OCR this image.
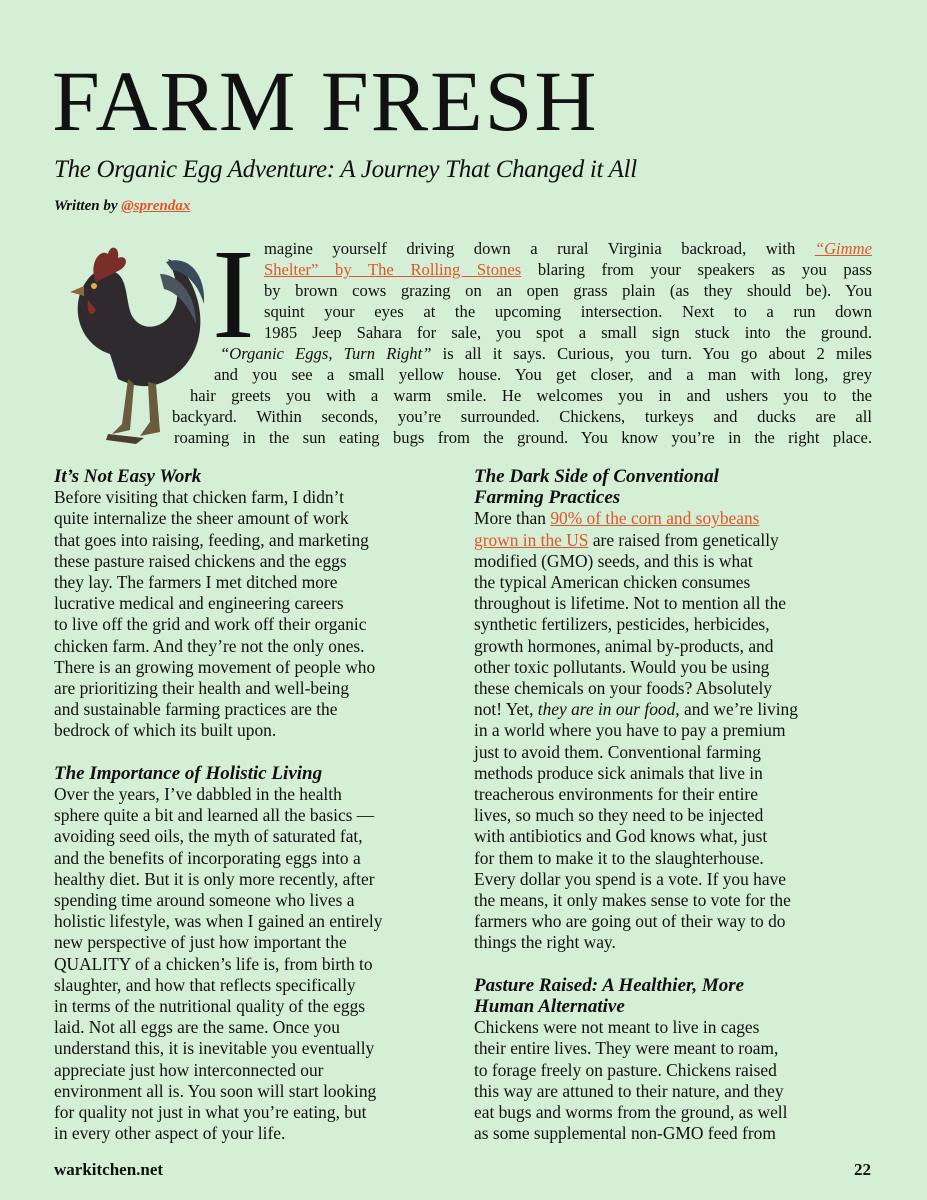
FARM FRESH
The Organic Egg Adventure: A Journey That Changed it All
Written by @sprendax
I magine yourself driving down a rural Virginia backroad, with “Gimme
Shelter” by The Rolling Stones blaring from your speakers as you pass
by brown cows grazing on an open grass plain (as they should be). You
squint your eyes at the upcoming intersection. Next to a run down
1985 Jeep Sahara for sale, you spot a small sign stuck into the ground.
“Organic Eggs, Turn Right” is all it says. Curious, you turn. You go about 2 miles
and you see a small yellow house. You get closer, and a man with long, grey
hair greets you with a warm smile. He welcomes you in and ushers you to the
backyard. Within seconds, you’re surrounded. Chickens, turkeys and ducks are all
roaming in the sun eating bugs from the ground. You know you’re in the right place.
It’s Not Easy Work
Before visiting that chicken farm, I didn’t
quite internalize the sheer amount of work
that goes into raising, feeding, and marketing
these pasture raised chickens and the eggs
they lay. The farmers I met ditched more
lucrative medical and engineering careers
to live off the grid and work off their organic
chicken farm. And they’re not the only ones.
There is an growing movement of people who
are prioritizing their health and well-being
and sustainable farming practices are the
bedrock of which its built upon.
The Importance of Holistic Living
Over the years, I’ve dabbled in the health
sphere quite a bit and learned all the basics —
avoiding seed oils, the myth of saturated fat,
and the benefits of incorporating eggs into a
healthy diet. But it is only more recently, after
spending time around someone who lives a
holistic lifestyle, was when I gained an entirely
new perspective of just how important the
QUALITY of a chicken’s life is, from birth to
slaughter, and how that reflects specifically
in terms of the nutritional quality of the eggs
laid. Not all eggs are the same. Once you
understand this, it is inevitable you eventually
appreciate just how interconnected our
environment all is. You soon will start looking
for quality not just in what you’re eating, but
in every other aspect of your life.
The Dark Side of Conventional
Farming Practices
More than 90% of the corn and soybeans
grown in the US are raised from genetically
modified (GMO) seeds, and this is what
the typical American chicken consumes
throughout is lifetime. Not to mention all the
synthetic fertilizers, pesticides, herbicides,
growth hormones, animal by-products, and
other toxic pollutants. Would you be using
these chemicals on your foods? Absolutely
not! Yet, they are in our food, and we’re living
in a world where you have to pay a premium
just to avoid them. Conventional farming
methods produce sick animals that live in
treacherous environments for their entire
lives, so much so they need to be injected
with antibiotics and God knows what, just
for them to make it to the slaughterhouse.
Every dollar you spend is a vote. If you have
the means, it only makes sense to vote for the
farmers who are going out of their way to do
things the right way.
Pasture Raised: A Healthier, More
Human Alternative
Chickens were not meant to live in cages
their entire lives. They were meant to roam,
to forage freely on pasture. Chickens raised
this way are attuned to their nature, and they
eat bugs and worms from the ground, as well
as some supplemental non-GMO feed from
warkitchen.net	22
